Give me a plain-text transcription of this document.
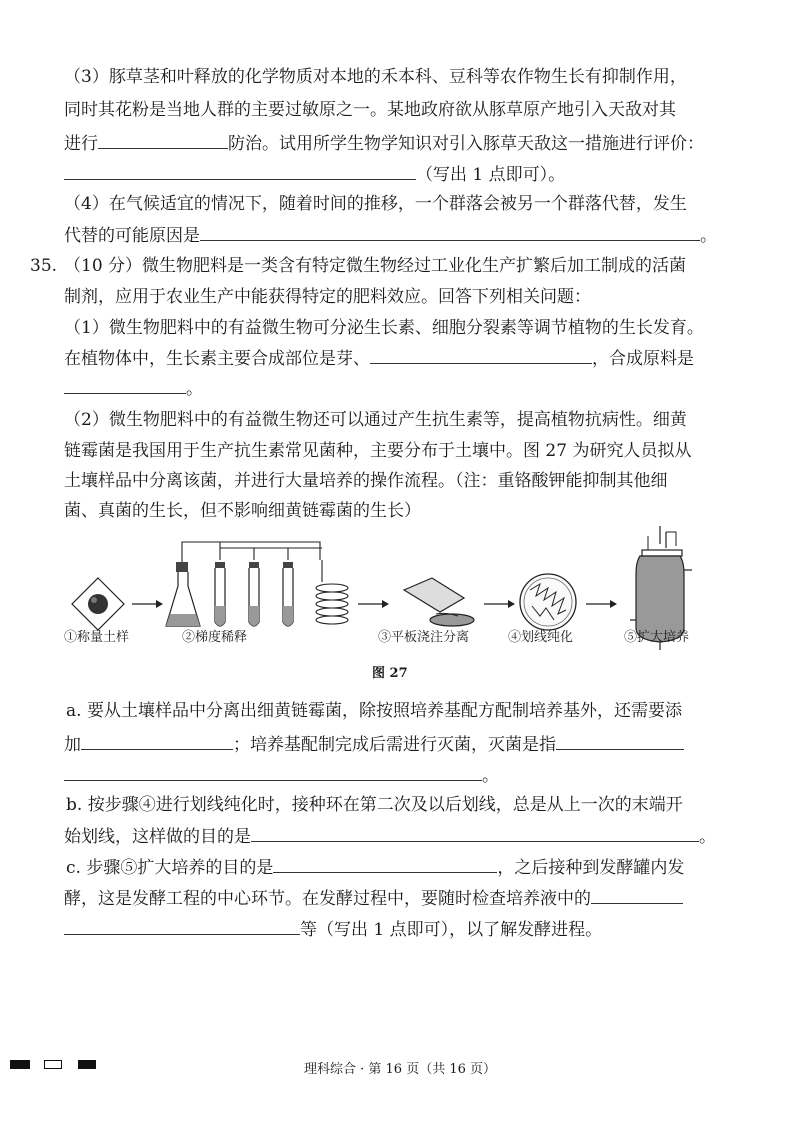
（3）豚草茎和叶释放的化学物质对本地的禾本科、豆科等农作物生长有抑制作用，
同时其花粉是当地人群的主要过敏原之一。某地政府欲从豚草原产地引入天敌对其
进行	防治。试用所学生物学知识对引入豚草天敌这一措施进行评价：
（写出 1 点即可）。
（4）在气候适宜的情况下，随着时间的推移，一个群落会被另一个群落代替，发生
代替的可能原因是	。
35. （10 分）微生物肥料是一类含有特定微生物经过工业化生产扩繁后加工制成的活菌
制剂，应用于农业生产中能获得特定的肥料效应。回答下列相关问题：
（1）微生物肥料中的有益微生物可分泌生长素、细胞分裂素等调节植物的生长发育。
在植物体中，生长素主要合成部位是芽、	，合成原料是
。
（2）微生物肥料中的有益微生物还可以通过产生抗生素等，提高植物抗病性。细黄
链霉菌是我国用于生产抗生素常见菌种，主要分布于土壤中。图 27 为研究人员拟从
土壤样品中分离该菌，并进行大量培养的操作流程。（注：重铬酸钾能抑制其他细
菌、真菌的生长，但不影响细黄链霉菌的生长）
①称量土样	②梯度稀释	③平板浇注分离	④划线纯化	⑤扩大培养
图 27
a. 要从土壤样品中分离出细黄链霉菌，除按照培养基配方配制培养基外，还需要添
加	；培养基配制完成后需进行灭菌，灭菌是指
。
b. 按步骤④进行划线纯化时，接种环在第二次及以后划线，总是从上一次的末端开
始划线，这样做的目的是	。
c. 步骤⑤扩大培养的目的是	，之后接种到发酵罐内发
酵，这是发酵工程的中心环节。在发酵过程中，要随时检查培养液中的
等（写出 1 点即可），以了解发酵进程。
理科综合 · 第 16 页（共 16 页）
